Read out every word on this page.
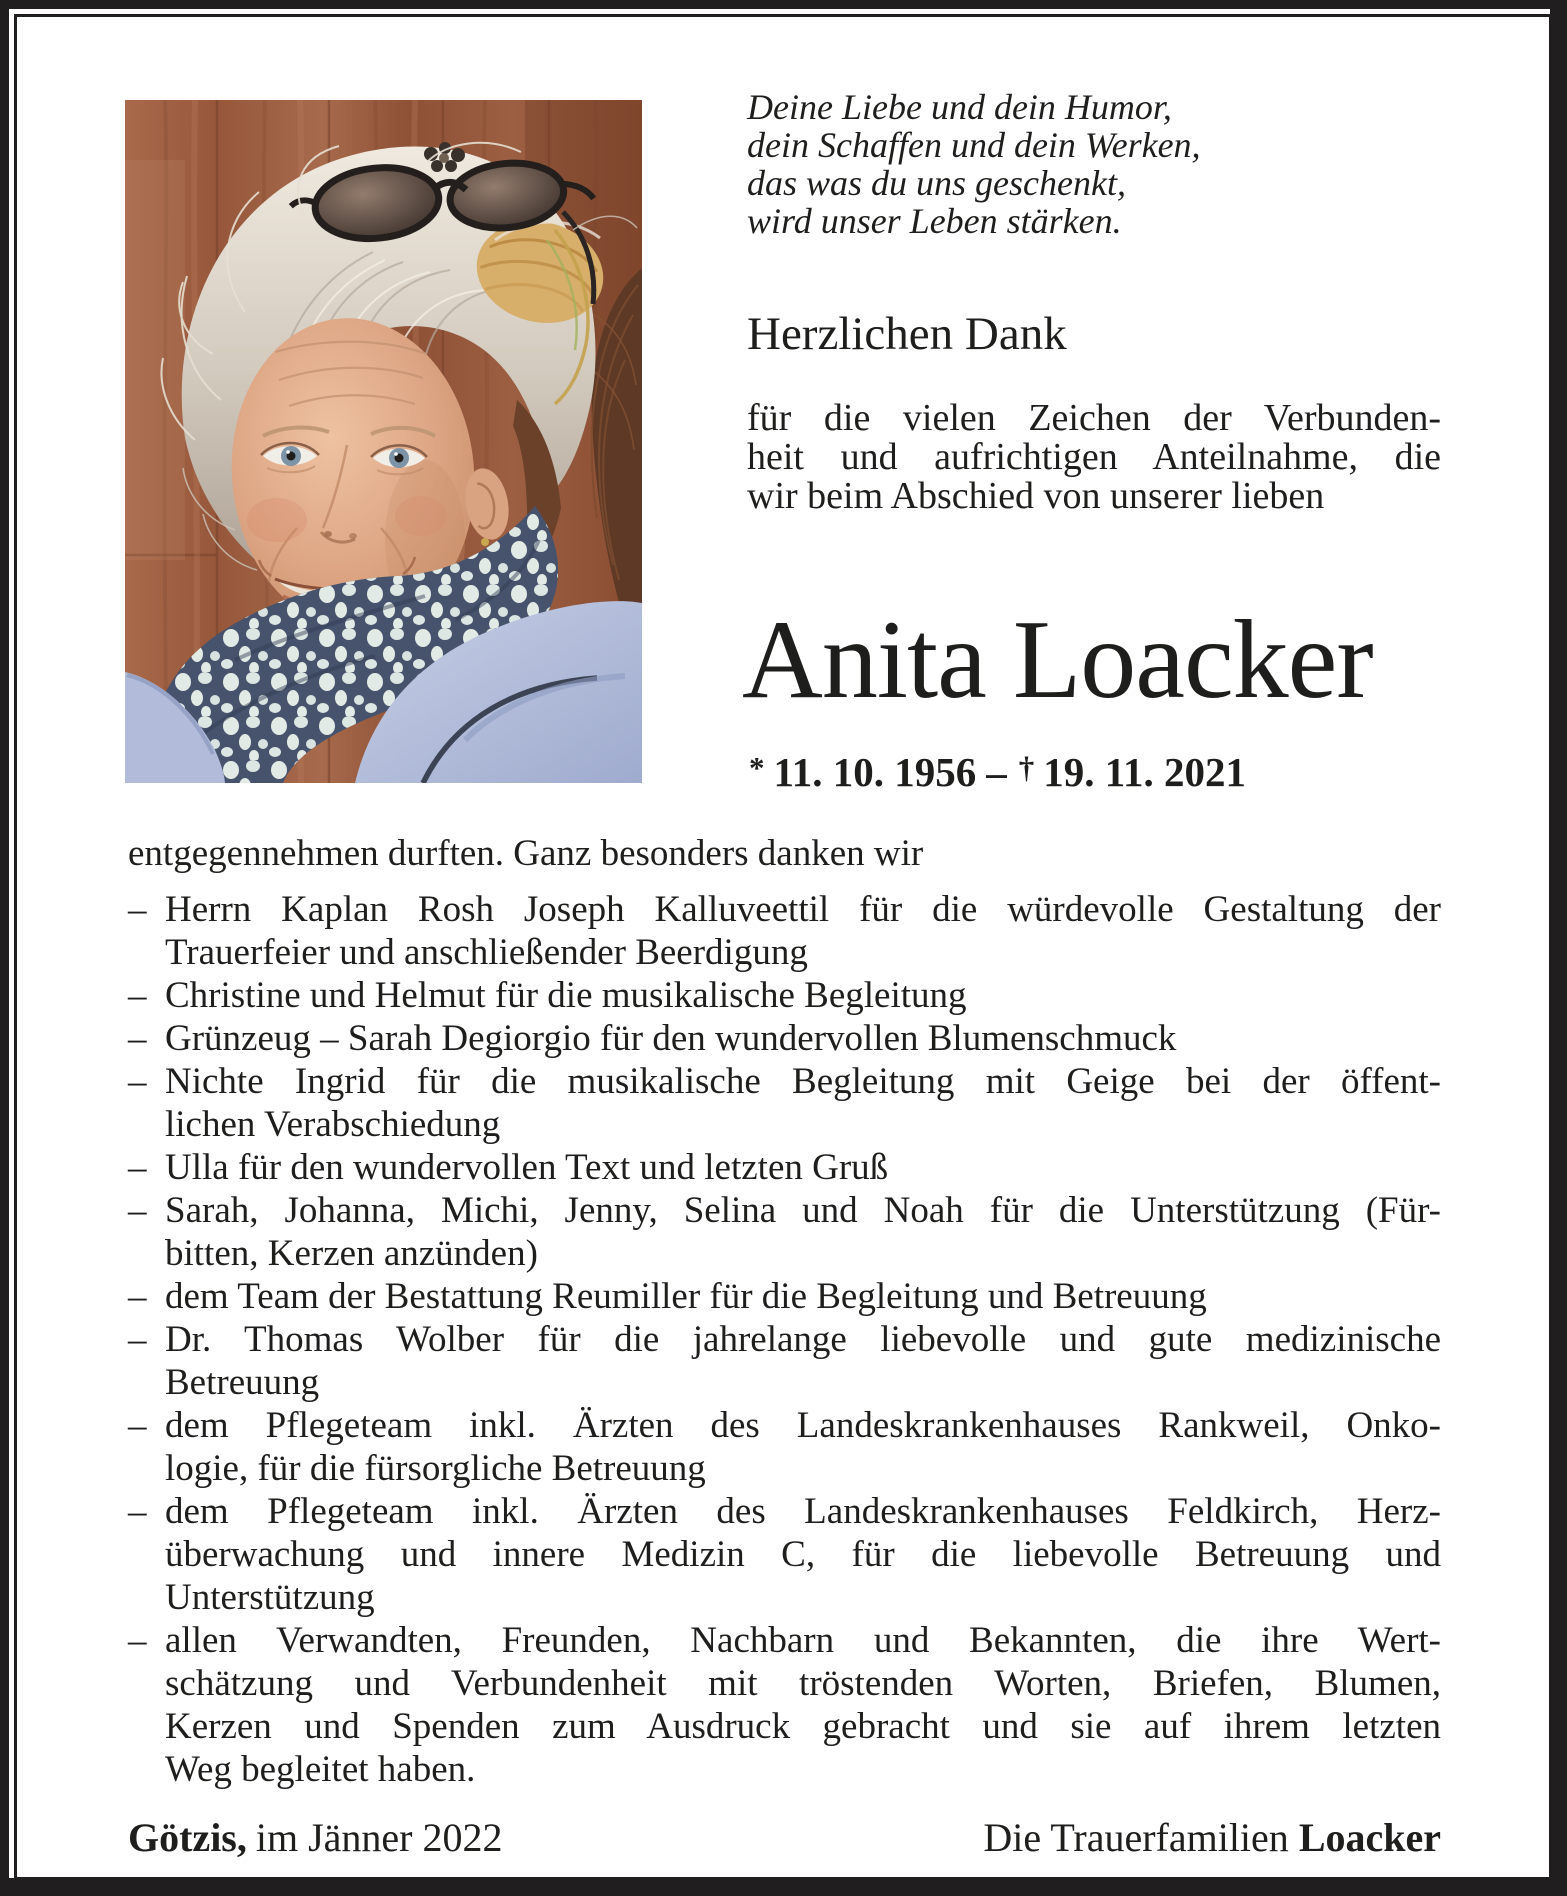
Deine Liebe und dein Humor,
dein Schaffen und dein Werken,
das was du uns geschenkt,
wird unser Leben stärken.
Herzlichen Dank
für die vielen Zeichen der Verbunden-
heit und aufrichtigen Anteilnahme, die
wir beim Abschied von unserer lieben
Anita Loacker
* 11. 10. 1956 – † 19. 11. 2021
entgegennehmen durften. Ganz besonders danken wir
– Herrn Kaplan Rosh Joseph Kalluveettil für die würdevolle Gestaltung der
Trauerfeier und anschließender Beerdigung
– Christine und Helmut für die musikalische Begleitung
– Grünzeug – Sarah Degiorgio für den wundervollen Blumenschmuck
– Nichte Ingrid für die musikalische Begleitung mit Geige bei der öffent-
lichen Verabschiedung
– Ulla für den wundervollen Text und letzten Gruß
– Sarah, Johanna, Michi, Jenny, Selina und Noah für die Unterstützung (Für-
bitten, Kerzen anzünden)
– dem Team der Bestattung Reumiller für die Begleitung und Betreuung
– Dr. Thomas Wolber für die jahrelange liebevolle und gute medizinische
Betreuung
– dem Pflegeteam inkl. Ärzten des Landeskrankenhauses Rankweil, Onko-
logie, für die fürsorgliche Betreuung
– dem Pflegeteam inkl. Ärzten des Landeskrankenhauses Feldkirch, Herz-
überwachung und innere Medizin C, für die liebevolle Betreuung und
Unterstützung
– allen Verwandten, Freunden, Nachbarn und Bekannten, die ihre Wert-
schätzung und Verbundenheit mit tröstenden Worten, Briefen, Blumen,
Kerzen und Spenden zum Ausdruck gebracht und sie auf ihrem letzten
Weg begleitet haben.
Götzis, im Jänner 2022	Die Trauerfamilien Loacker
